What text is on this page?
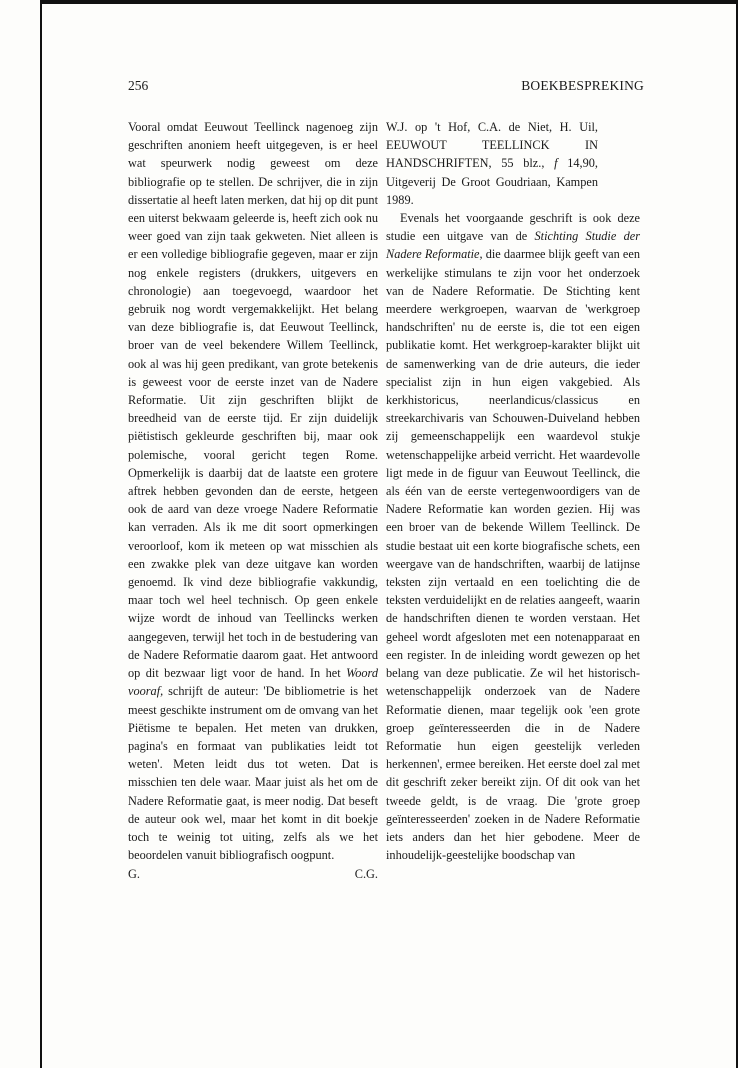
256	BOEKBESPREKING

Vooral omdat Eeuwout Teellinck nagenoeg zijn geschriften anoniem heeft uitgegeven, is er heel wat speurwerk nodig geweest om deze bibliografie op te stellen. De schrijver, die in zijn dissertatie al heeft laten merken, dat hij op dit punt een uiterst bekwaam geleerde is, heeft zich ook nu weer goed van zijn taak gekweten. Niet alleen is er een volledige bibliografie gegeven, maar er zijn nog enkele registers (drukkers, uitgevers en chronologie) aan toegevoegd, waardoor het gebruik nog wordt vergemakkelijkt. Het belang van deze bibliografie is, dat Eeuwout Teellinck, broer van de veel bekendere Willem Teellinck, ook al was hij geen predikant, van grote betekenis is geweest voor de eerste inzet van de Nadere Reformatie. Uit zijn geschriften blijkt de breedheid van de eerste tijd. Er zijn duidelijk piëtistisch gekleurde geschriften bij, maar ook polemische, vooral gericht tegen Rome. Opmerkelijk is daarbij dat de laatste een grotere aftrek hebben gevonden dan de eerste, hetgeen ook de aard van deze vroege Nadere Reformatie kan verraden. Als ik me dit soort opmerkingen veroorloof, kom ik meteen op wat misschien als een zwakke plek van deze uitgave kan worden genoemd. Ik vind deze bibliografie vakkundig, maar toch wel heel technisch. Op geen enkele wijze wordt de inhoud van Teellincks werken aangegeven, terwijl het toch in de bestudering van de Nadere Reformatie daarom gaat. Het antwoord op dit bezwaar ligt voor de hand. In het Woord vooraf, schrijft de auteur: 'De bibliometrie is het meest geschikte instrument om de omvang van het Piëtisme te bepalen. Het meten van drukken, pagina's en formaat van publikaties leidt tot weten'. Meten leidt dus tot weten. Dat is misschien ten dele waar. Maar juist als het om de Nadere Reformatie gaat, is meer nodig. Dat beseft de auteur ook wel, maar het komt in dit boekje toch te weinig tot uiting, zelfs als we het beoordelen vanuit bibliografisch oogpunt.

G.	C.G.

W.J. op 't Hof, C.A. de Niet, H. Uil, EEUWOUT TEELLINCK IN HANDSCHRIFTEN, 55 blz., f 14,90, Uitgeverij De Groot Goudriaan, Kampen 1989.

Evenals het voorgaande geschrift is ook deze studie een uitgave van de Stichting Studie der Nadere Reformatie, die daarmee blijk geeft van een werkelijke stimulans te zijn voor het onderzoek van de Nadere Reformatie. De Stichting kent meerdere werkgroepen, waarvan de 'werkgroep handschriften' nu de eerste is, die tot een eigen publikatie komt. Het werkgroep-karakter blijkt uit de samenwerking van de drie auteurs, die ieder specialist zijn in hun eigen vakgebied. Als kerkhistoricus, neerlandicus/classicus en streekarchivaris van Schouwen-Duiveland hebben zij gemeenschappelijk een waardevol stukje wetenschappelijke arbeid verricht. Het waardevolle ligt mede in de figuur van Eeuwout Teellinck, die als één van de eerste vertegenwoordigers van de Nadere Reformatie kan worden gezien. Hij was een broer van de bekende Willem Teellinck. De studie bestaat uit een korte biografische schets, een weergave van de handschriften, waarbij de latijnse teksten zijn vertaald en een toelichting die de teksten verduidelijkt en de relaties aangeeft, waarin de handschriften dienen te worden verstaan. Het geheel wordt afgesloten met een notenapparaat en een register. In de inleiding wordt gewezen op het belang van deze publicatie. Ze wil het historisch-wetenschappelijk onderzoek van de Nadere Reformatie dienen, maar tegelijk ook 'een grote groep geïnteresseerden die in de Nadere Reformatie hun eigen geestelijk verleden herkennen', ermee bereiken. Het eerste doel zal met dit geschrift zeker bereikt zijn. Of dit ook van het tweede geldt, is de vraag. Die 'grote groep geïnteresseerden' zoeken in de Nadere Reformatie iets anders dan het hier gebodene. Meer de inhoudelijk-geestelijke boodschap van
